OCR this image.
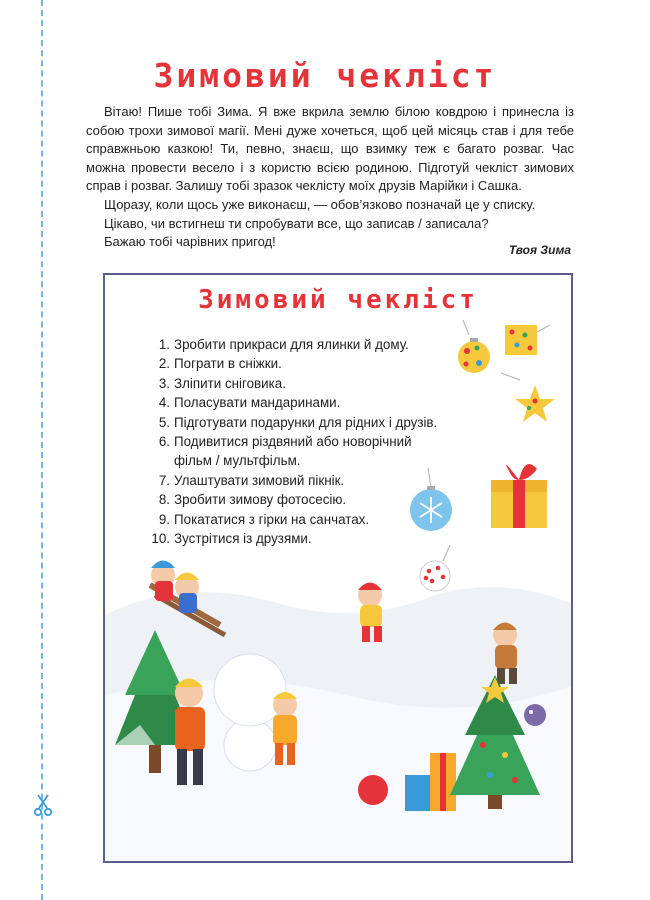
Зимовий чекліст

Вітаю! Пише тобі Зима. Я вже вкрила землю білою ковдрою і принесла із собою трохи зимової магії. Мені дуже хочеться, щоб цей місяць став і для тебе справжньою казкою! Ти, певно, знаєш, що взимку теж є багато розваг. Час можна провести весело і з користю всією родиною. Підготуй чекліст зимових справ і розваг. Залишу тобі зразок чеклісту моїх друзів Марійки і Сашка.

Щоразу, коли щось уже виконаєш, — обов’язково позначай це у списку.

Цікаво, чи встигнеш ти спробувати все, що записав / записала?

Бажаю тобі чарівних пригод!

Твоя Зима
Зимовий чекліст
1. Зробити прикраси для ялинки й дому.
2. Пограти в сніжки.
3. Зліпити сніговика.
4. Поласувати мандаринами.
5. Підготувати подарунки для рідних і друзів.
6. Подивитися різдвяний або новорічний фільм / мультфільм.
7. Улаштувати зимовий пікнік.
8. Зробити зимову фотосесію.
9. Покататися з гірки на санчатах.
10. Зустрітися із друзями.
